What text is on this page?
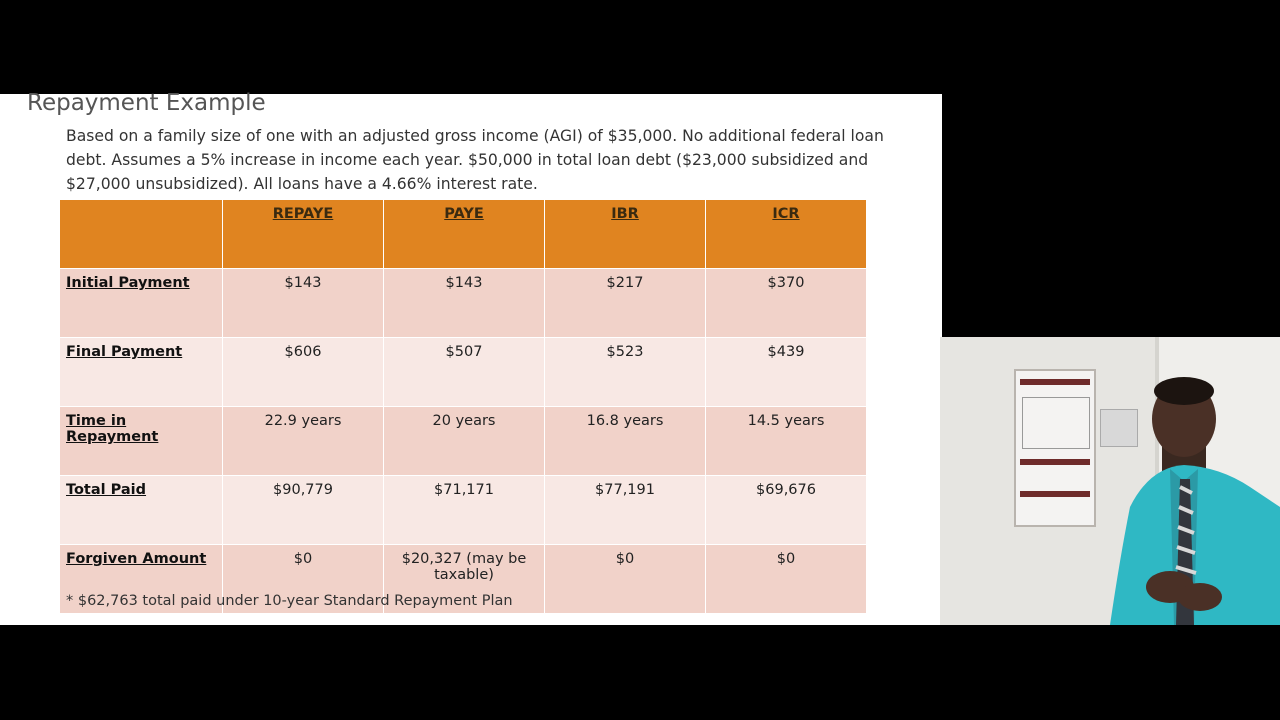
Repayment Example
Based on a family size of one with an adjusted gross income (AGI) of $35,000. No additional federal loan debt. Assumes a 5% increase in income each year. $50,000 in total loan debt ($23,000 subsidized and $27,000 unsubsidized). All loans have a 4.66% interest rate.
	REPAYE	PAYE	IBR	ICR
Initial Payment	$143	$143	$217	$370
Final Payment	$606	$507	$523	$439
Time in Repayment	22.9 years	20 years	16.8 years	14.5 years
Total Paid	$90,779	$71,171	$77,191	$69,676
Forgiven Amount	$0	$20,327 (may be taxable)	$0	$0
* $62,763 total paid under 10-year Standard Repayment Plan
